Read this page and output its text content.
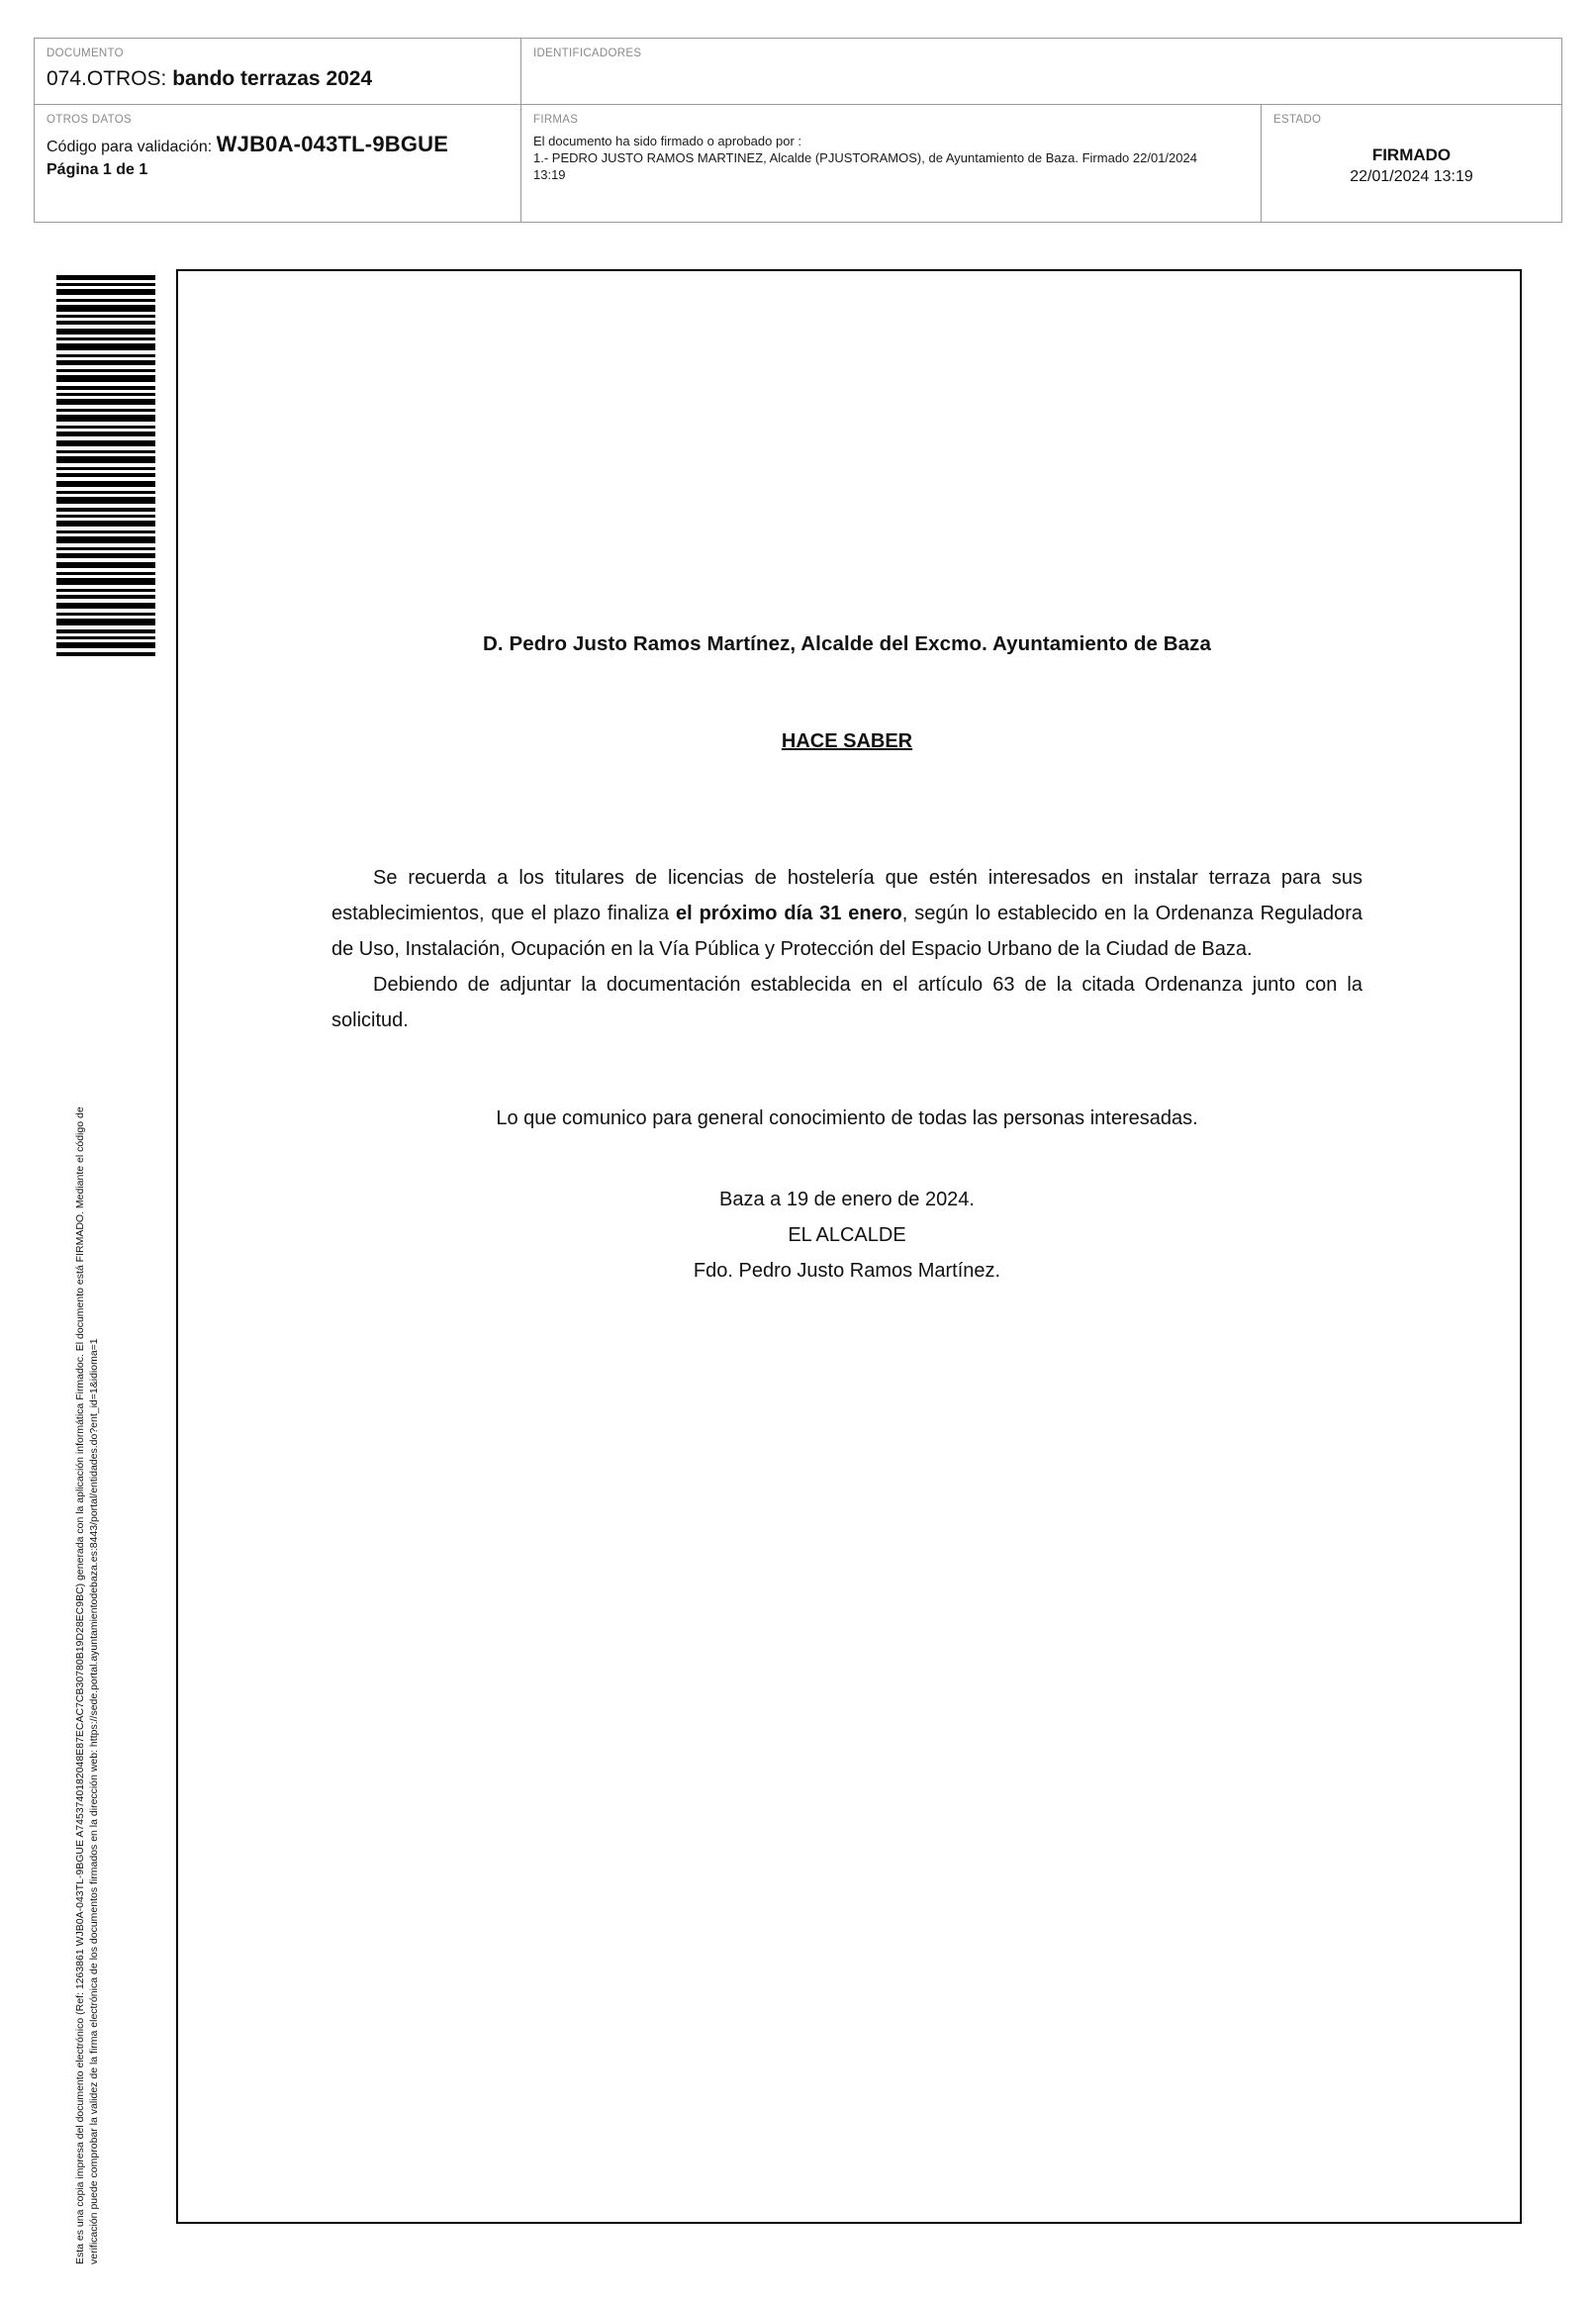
DOCUMENTO
074.OTROS: bando terrazas 2024
IDENTIFICADORES
OTROS DATOS
Código para validación: WJB0A-043TL-9BGUE
Página 1 de 1
FIRMAS
El documento ha sido firmado o aprobado por :
1.- PEDRO JUSTO RAMOS MARTINEZ, Alcalde (PJUSTORAMOS), de Ayuntamiento de Baza. Firmado 22/01/2024
13:19
ESTADO
FIRMADO
22/01/2024 13:19
Esta es una copia impresa del documento electrónico (Ref: 1263861 WJB0A-043TL-9BGUE A7453740182048E87ECAC7CB30780B19D28EC9BC) generada con la aplicación informática Firmadoc. El documento está FIRMADO. Mediante el código de verificación puede comprobar la validez de la firma electrónica de los documentos firmados en la dirección web: https://sede.portal.ayuntamientodebaza.es:8443/portal/entidades.do?ent_id=1&idioma=1
D. Pedro Justo Ramos Martínez, Alcalde del Excmo. Ayuntamiento de Baza
HACE SABER

Se recuerda a los titulares de licencias de hostelería que estén interesados en instalar terraza para sus establecimientos, que el plazo finaliza el próximo día 31 enero, según lo establecido en la Ordenanza Reguladora de Uso, Instalación, Ocupación en la Vía Pública y Protección del Espacio Urbano de la Ciudad de Baza.

Debiendo de adjuntar la documentación establecida en el artículo 63 de la citada Ordenanza junto con la solicitud.

Lo que comunico para general conocimiento de todas las personas interesadas.
Baza a 19 de enero de 2024.
EL ALCALDE
Fdo. Pedro Justo Ramos Martínez.
